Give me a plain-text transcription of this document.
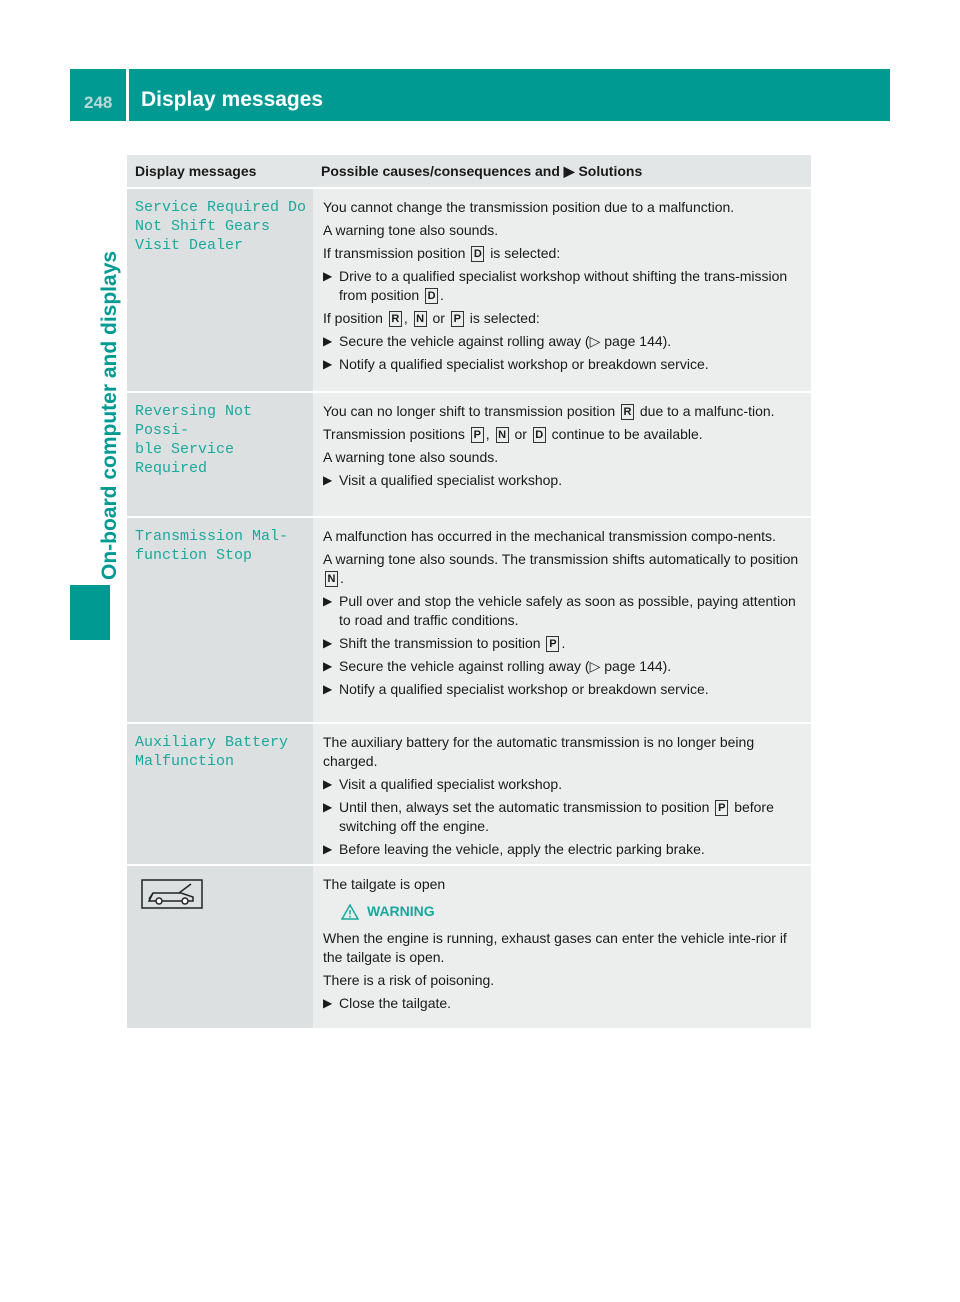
248 Display messages
On-board computer and displays
Display messages	Possible causes/consequences and ▶ Solutions
Service Required Do
Not Shift Gears
Visit Dealer

You cannot change the transmission position due to a malfunction.

A warning tone also sounds.

If transmission position D is selected:

▶ Drive to a qualified specialist workshop without shifting the trans-mission from position D .

If position R , N or P is selected:

▶ Secure the vehicle against rolling away (▷ page 144).
▶ Notify a qualified specialist workshop or breakdown service.
Reversing Not Possi-
ble Service Required

You can no longer shift to transmission position R due to a malfunc-tion.

Transmission positions P , N or D continue to be available.

A warning tone also sounds.

▶ Visit a qualified specialist workshop.
Transmission Mal-
function Stop

A malfunction has occurred in the mechanical transmission compo-nents.

A warning tone also sounds. The transmission shifts automatically to position N .

▶ Pull over and stop the vehicle safely as soon as possible, paying attention to road and traffic conditions.
▶ Shift the transmission to position P .
▶ Secure the vehicle against rolling away (▷ page 144).
▶ Notify a qualified specialist workshop or breakdown service.
Auxiliary Battery
Malfunction

The auxiliary battery for the automatic transmission is no longer being charged.

▶ Visit a qualified specialist workshop.
▶ Until then, always set the automatic transmission to position P before switching off the engine.
▶ Before leaving the vehicle, apply the electric parking brake.

The tailgate is open

WARNING

When the engine is running, exhaust gases can enter the vehicle inte-rior if the tailgate is open.

There is a risk of poisoning.

▶ Close the tailgate.
